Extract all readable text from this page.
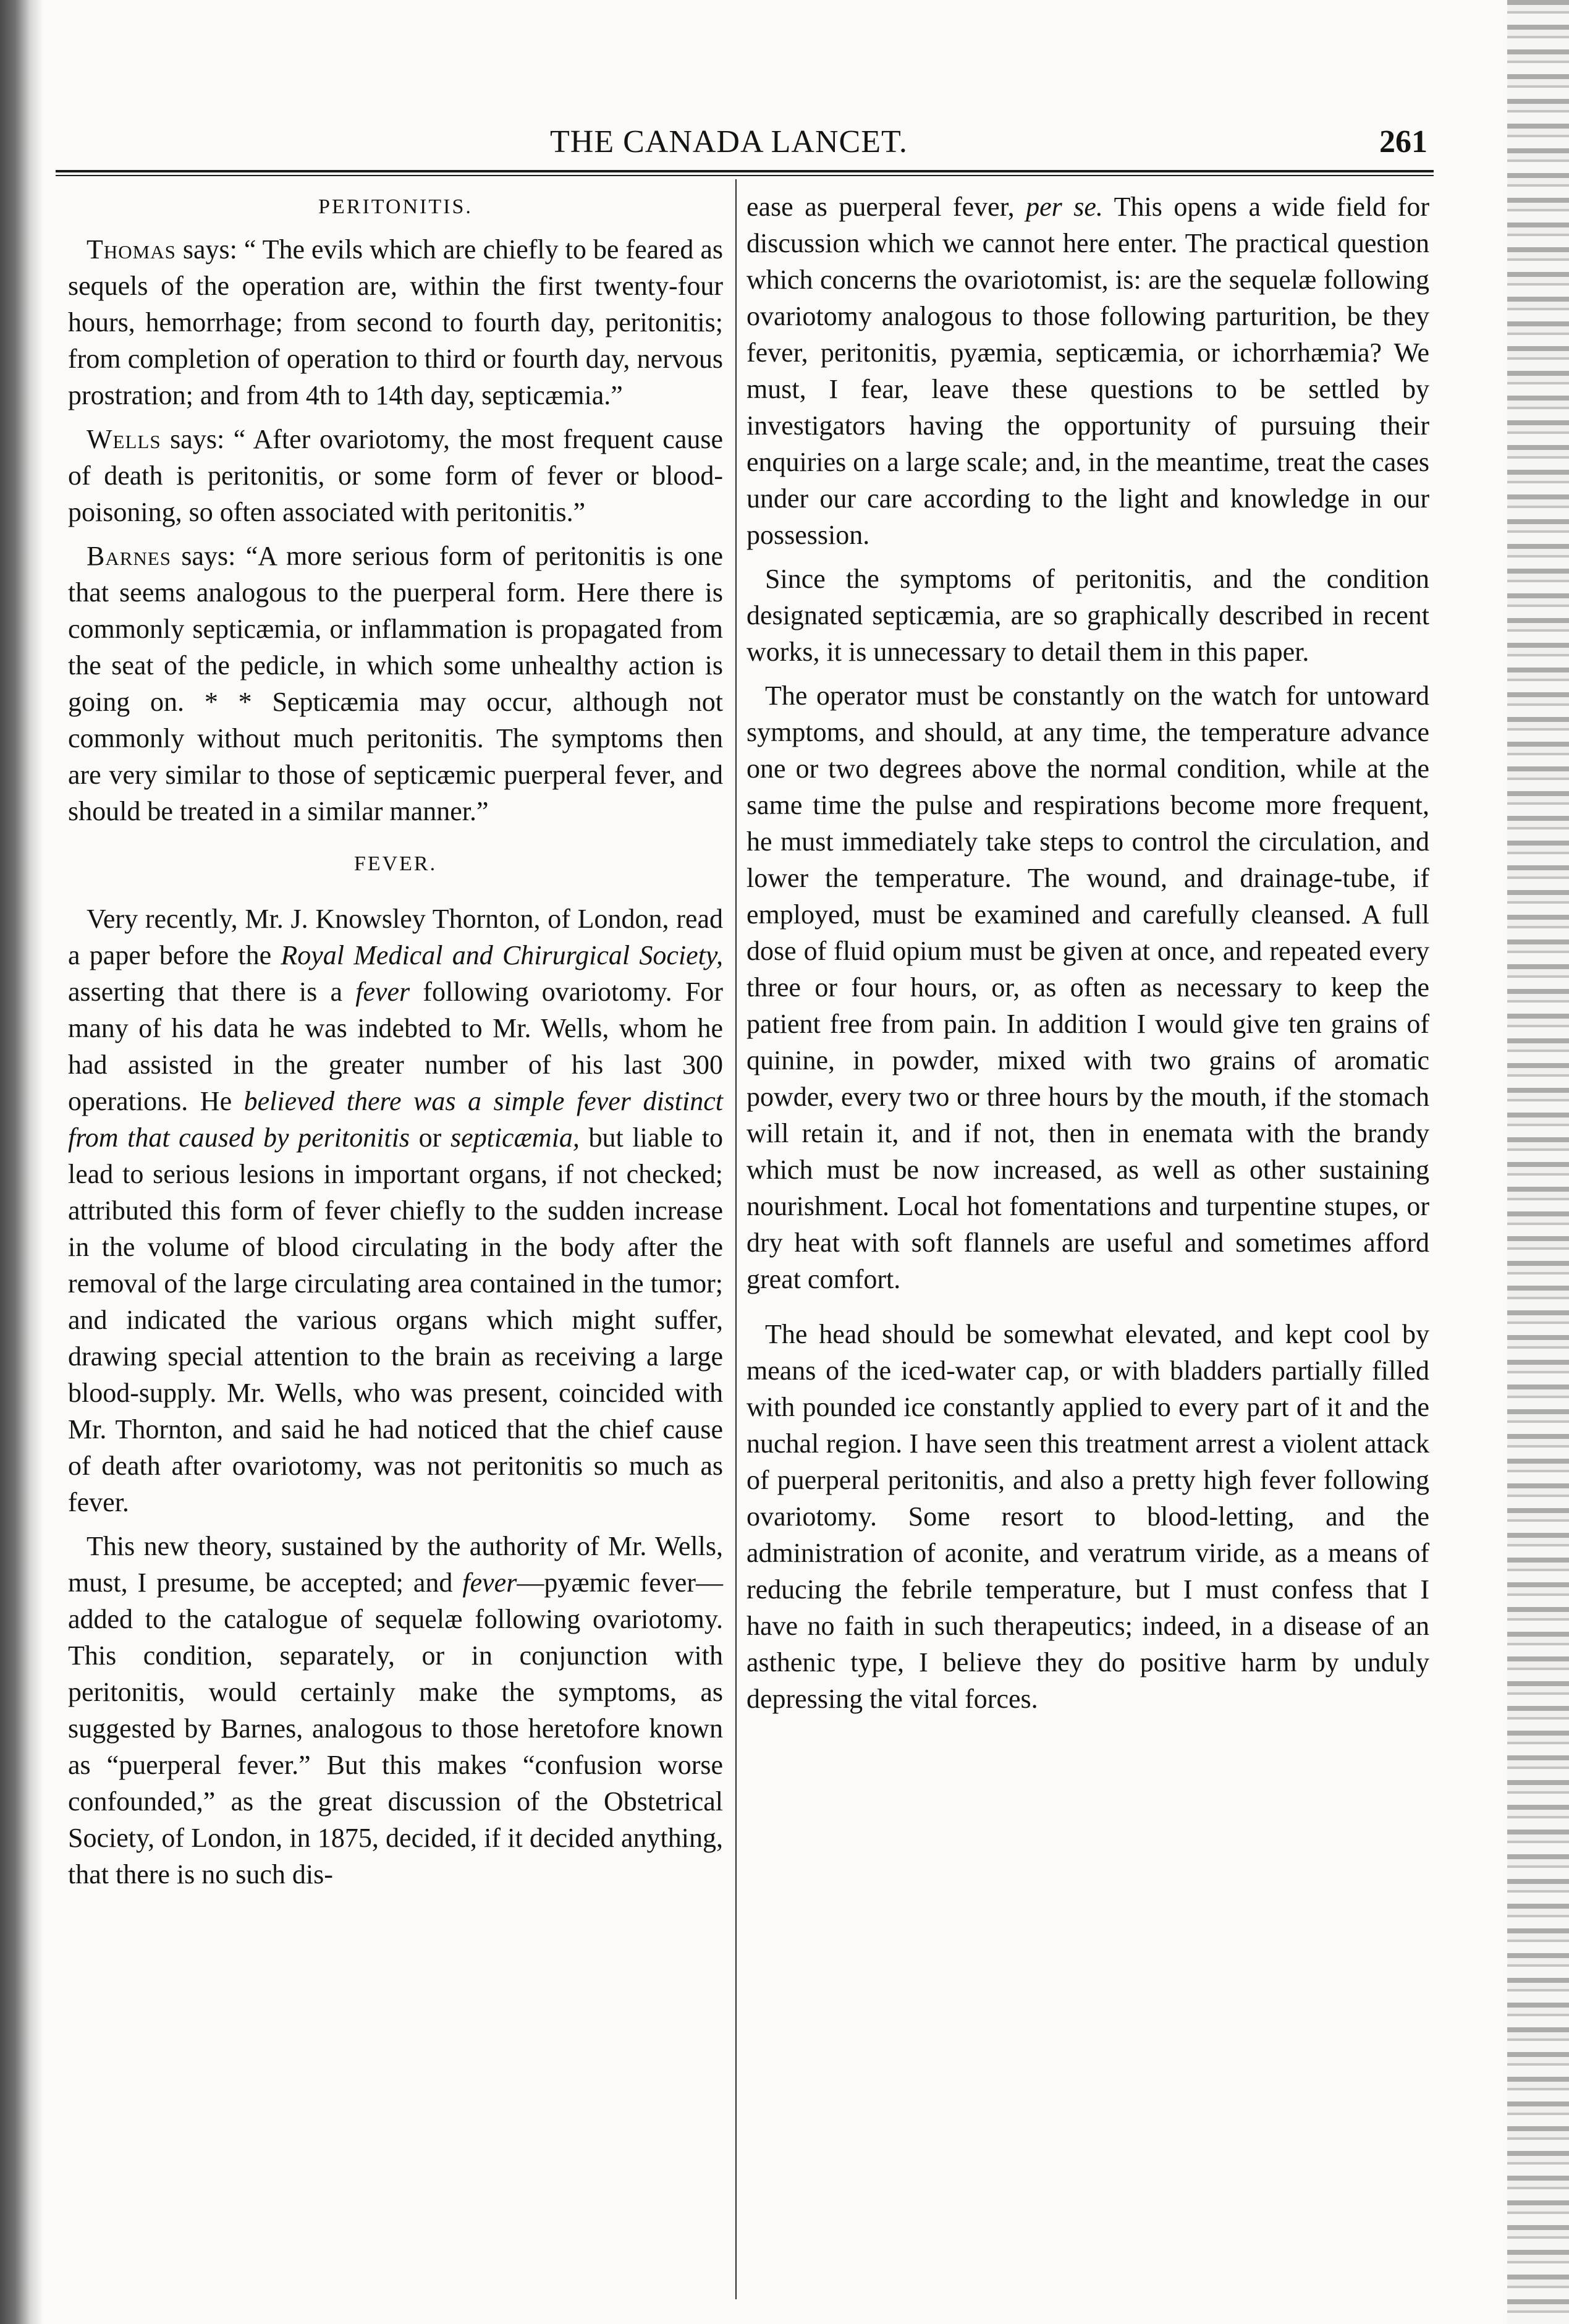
THE CANADA LANCET.	261
PERITONITIS.

Thomas says: “ The evils which are chiefly to be feared as sequels of the operation are, within the first twenty-four hours, hemorrhage; from second to fourth day, peritonitis; from completion of operation to third or fourth day, nervous prostration; and from 4th to 14th day, septicæmia.”

Wells says: “ After ovariotomy, the most frequent cause of death is peritonitis, or some form of fever or blood-poisoning, so often associated with peritonitis.”

Barnes says: “A more serious form of peritonitis is one that seems analogous to the puerperal form. Here there is commonly septicæmia, or inflammation is propagated from the seat of the pedicle, in which some unhealthy action is going on. * * Septicæmia may occur, although not commonly without much peritonitis. The symptoms then are very similar to those of septicæmic puerperal fever, and should be treated in a similar manner.”

FEVER.

Very recently, Mr. J. Knowsley Thornton, of London, read a paper before the Royal Medical and Chirurgical Society, asserting that there is a fever following ovariotomy. For many of his data he was indebted to Mr. Wells, whom he had assisted in the greater number of his last 300 operations. He believed there was a simple fever distinct from that caused by peritonitis or septicæmia, but liable to lead to serious lesions in important organs, if not checked; attributed this form of fever chiefly to the sudden increase in the volume of blood circulating in the body after the removal of the large circulating area contained in the tumor; and indicated the various organs which might suffer, drawing special attention to the brain as receiving a large blood-supply. Mr. Wells, who was present, coincided with Mr. Thornton, and said he had noticed that the chief cause of death after ovariotomy, was not peritonitis so much as fever.

This new theory, sustained by the authority of Mr. Wells, must, I presume, be accepted; and fever—pyæmic fever—added to the catalogue of sequelæ following ovariotomy. This condition, separately, or in conjunction with peritonitis, would certainly make the symptoms, as suggested by Barnes, analogous to those heretofore known as “puerperal fever.” But this makes “confusion worse confounded,” as the great discussion of the Obstetrical Society, of London, in 1875, decided, if it decided anything, that there is no such dis-

ease as puerperal fever, per se. This opens a wide field for discussion which we cannot here enter. The practical question which concerns the ovariotomist, is: are the sequelæ following ovariotomy analogous to those following parturition, be they fever, peritonitis, pyæmia, septicæmia, or ichorrhæmia? We must, I fear, leave these questions to be settled by investigators having the opportunity of pursuing their enquiries on a large scale; and, in the meantime, treat the cases under our care according to the light and knowledge in our possession.

Since the symptoms of peritonitis, and the condition designated septicæmia, are so graphically described in recent works, it is unnecessary to detail them in this paper.

The operator must be constantly on the watch for untoward symptoms, and should, at any time, the temperature advance one or two degrees above the normal condition, while at the same time the pulse and respirations become more frequent, he must immediately take steps to control the circulation, and lower the temperature. The wound, and drainage-tube, if employed, must be examined and carefully cleansed. A full dose of fluid opium must be given at once, and repeated every three or four hours, or, as often as necessary to keep the patient free from pain. In addition I would give ten grains of quinine, in powder, mixed with two grains of aromatic powder, every two or three hours by the mouth, if the stomach will retain it, and if not, then in enemata with the brandy which must be now increased, as well as other sustaining nourishment. Local hot fomentations and turpentine stupes, or dry heat with soft flannels are useful and sometimes afford great comfort.

The head should be somewhat elevated, and kept cool by means of the iced-water cap, or with bladders partially filled with pounded ice constantly applied to every part of it and the nuchal region. I have seen this treatment arrest a violent attack of puerperal peritonitis, and also a pretty high fever following ovariotomy. Some resort to blood-letting, and the administration of aconite, and veratrum viride, as a means of reducing the febrile temperature, but I must confess that I have no faith in such therapeutics; indeed, in a disease of an asthenic type, I believe they do positive harm by unduly depressing the vital forces.
